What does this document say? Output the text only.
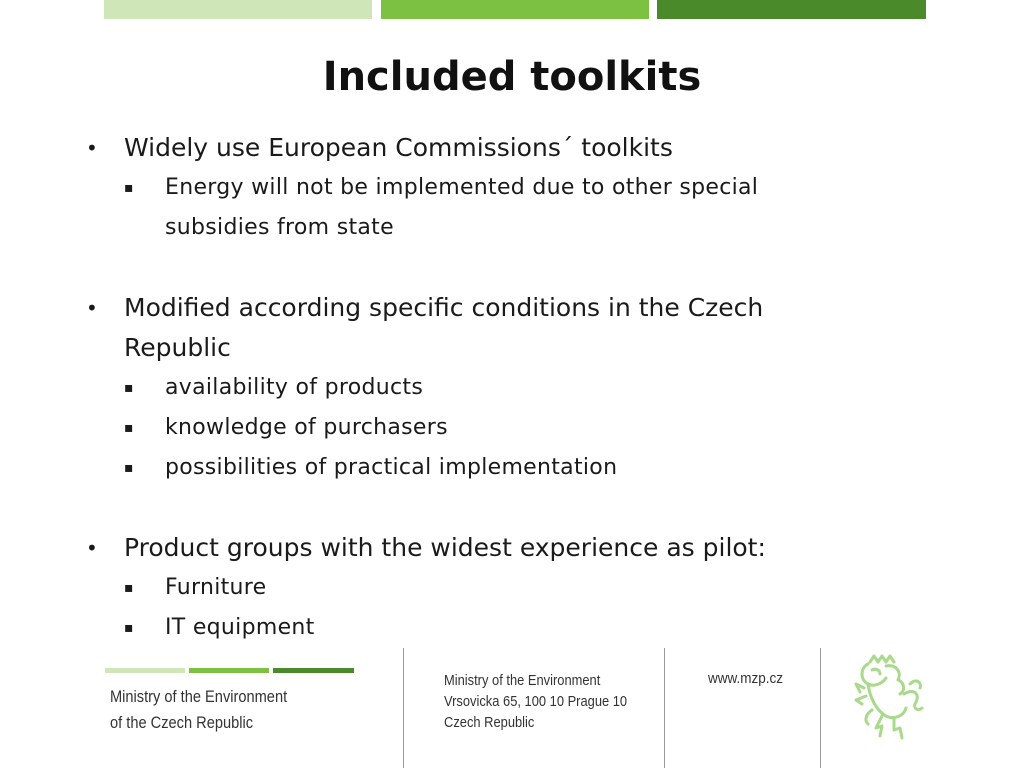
Included toolkits
• Widely use European Commissions´ toolkits
▪ Energy will not be implemented due to other special
subsidies from state
• Modified according specific conditions in the Czech
Republic
▪ availability of products
▪ knowledge of purchasers
▪ possibilities of practical implementation
• Product groups with the widest experience as pilot:
▪ Furniture
▪ IT equipment
Ministry of the Environment
of the Czech Republic
Ministry of the Environment
Vrsovicka 65, 100 10 Prague 10
Czech Republic
www.mzp.cz
